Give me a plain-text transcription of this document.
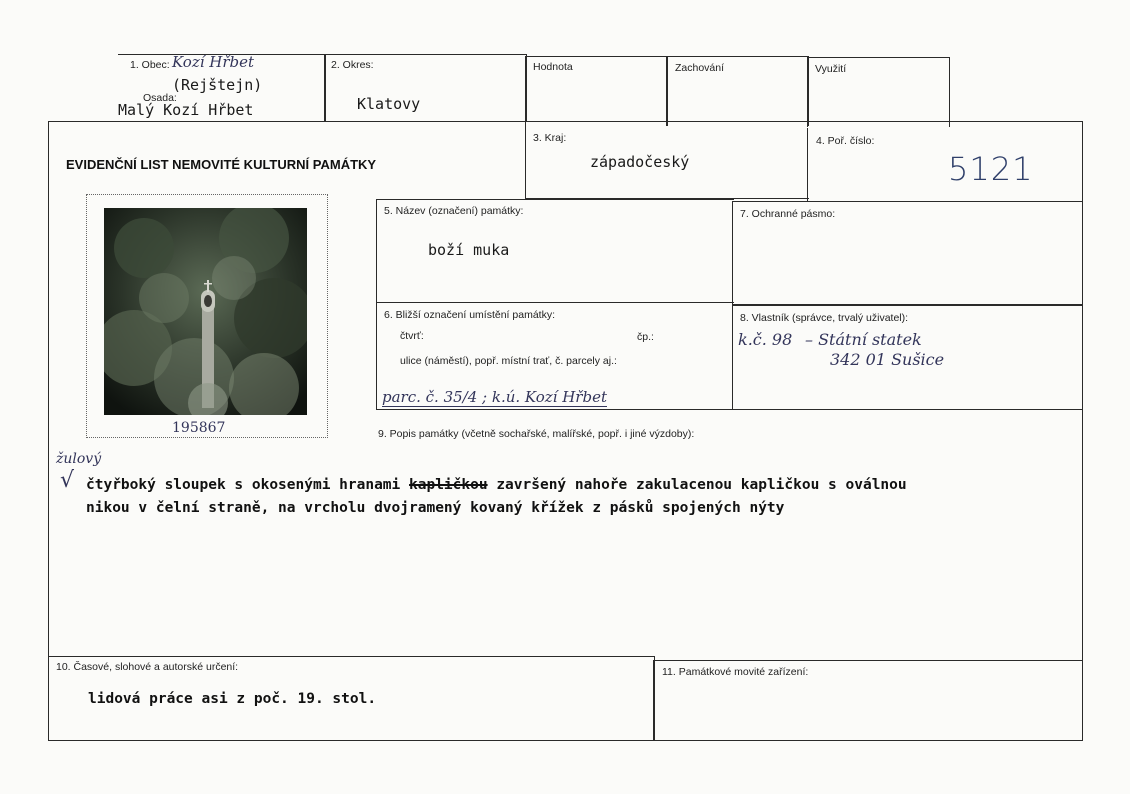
1. Obec: Kozí Hřbet
(Rejštejn)
Osada:
Malý Kozí Hřbet
2. Okres:
Klatovy
Hodnota	Zachování	Využití
EVIDENČNÍ LIST NEMOVITÉ KULTURNÍ PAMÁTKY
3. Kraj:
západočeský
4. Poř. číslo:
5121
5. Název (označení) památky:
boží muka
7. Ochranné pásmo:
6. Bližší označení umístění památky:
čtvrť:	čp.:
ulice (náměstí), popř. místní trať, č. parcely aj.:
parc. č. 35/4 ; k.ú. Kozí Hřbet
8. Vlastník (správce, trvalý uživatel):
k.č. 98 – Státní statek
342 01 Sušice
195867	9. Popis památky (včetně sochařské, malířské, popř. i jiné výzdoby):
žulový
√ čtyřboký sloupek s okosenými hranami kapličkou završený nahoře zakulacenou kapličkou s oválnou
nikou v čelní straně, na vrcholu dvojramený kovaný křížek z pásků spojených nýty
10. Časové, slohové a autorské určení:
lidová práce asi z poč. 19. stol.
11. Památkové movité zařízení:
